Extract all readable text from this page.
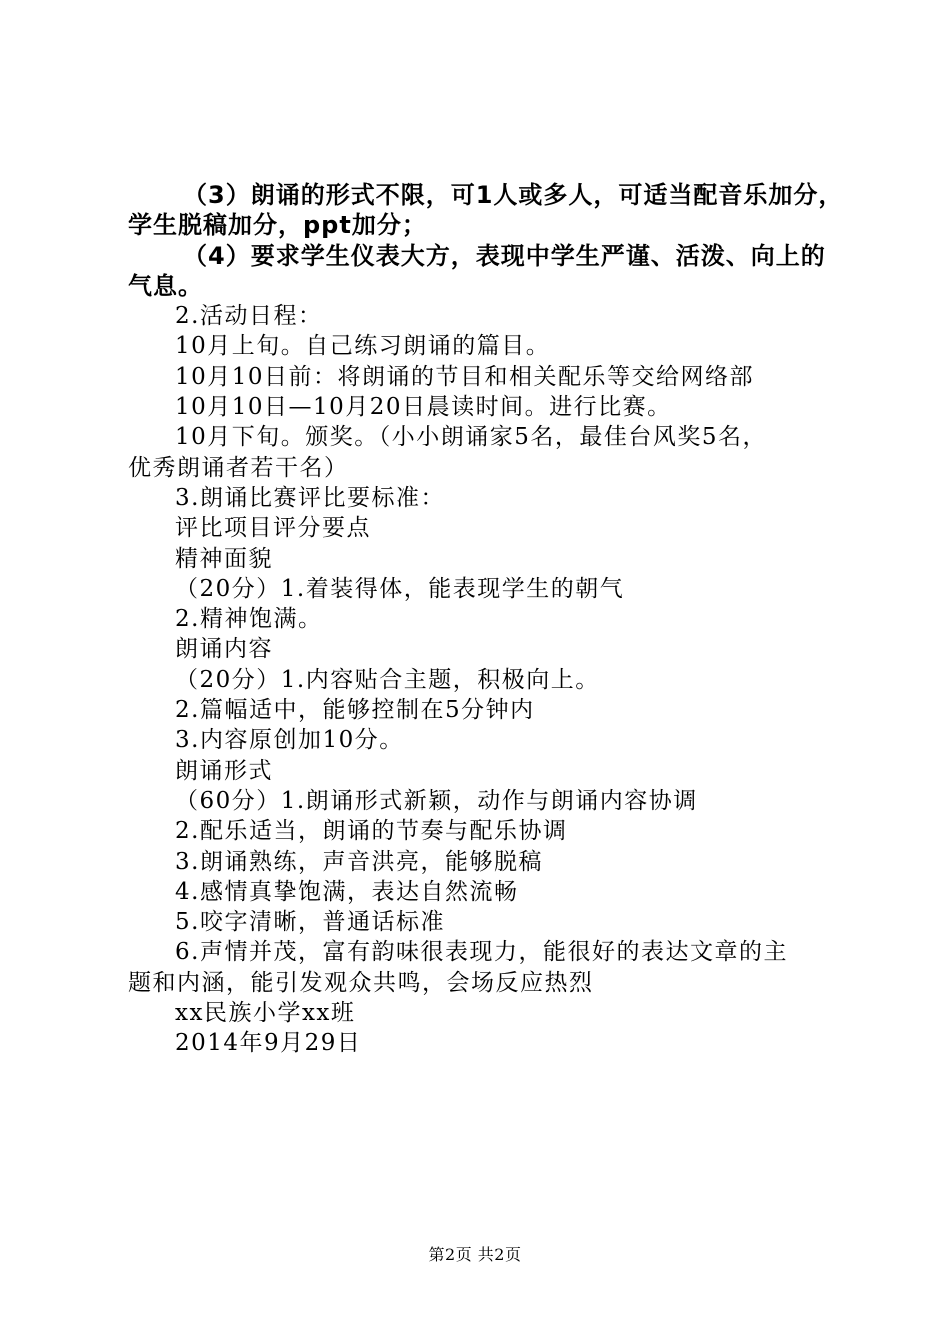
（3）朗诵的形式不限，可1人或多人，可适当配音乐加分，
学生脱稿加分，ppt加分；
（4）要求学生仪表大方，表现中学生严谨、活泼、向上的
气息。
2.活动日程：
10月上旬。自己练习朗诵的篇目。
10月10日前：将朗诵的节目和相关配乐等交给网络部
10月10日—10月20日晨读时间。进行比赛。
10月下旬。颁奖。（小小朗诵家5名，最佳台风奖5名，
优秀朗诵者若干名）
3.朗诵比赛评比要标准：
评比项目评分要点
精神面貌
（20分）1.着装得体，能表现学生的朝气
2.精神饱满。
朗诵内容
（20分）1.内容贴合主题，积极向上。
2.篇幅适中，能够控制在5分钟内
3.内容原创加10分。
朗诵形式
（60分）1.朗诵形式新颖，动作与朗诵内容协调
2.配乐适当，朗诵的节奏与配乐协调
3.朗诵熟练，声音洪亮，能够脱稿
4.感情真挚饱满，表达自然流畅
5.咬字清晰，普通话标准
6.声情并茂，富有韵味很表现力，能很好的表达文章的主
题和内涵，能引发观众共鸣，会场反应热烈
xx民族小学xx班
2014年9月29日
第2页 共2页
